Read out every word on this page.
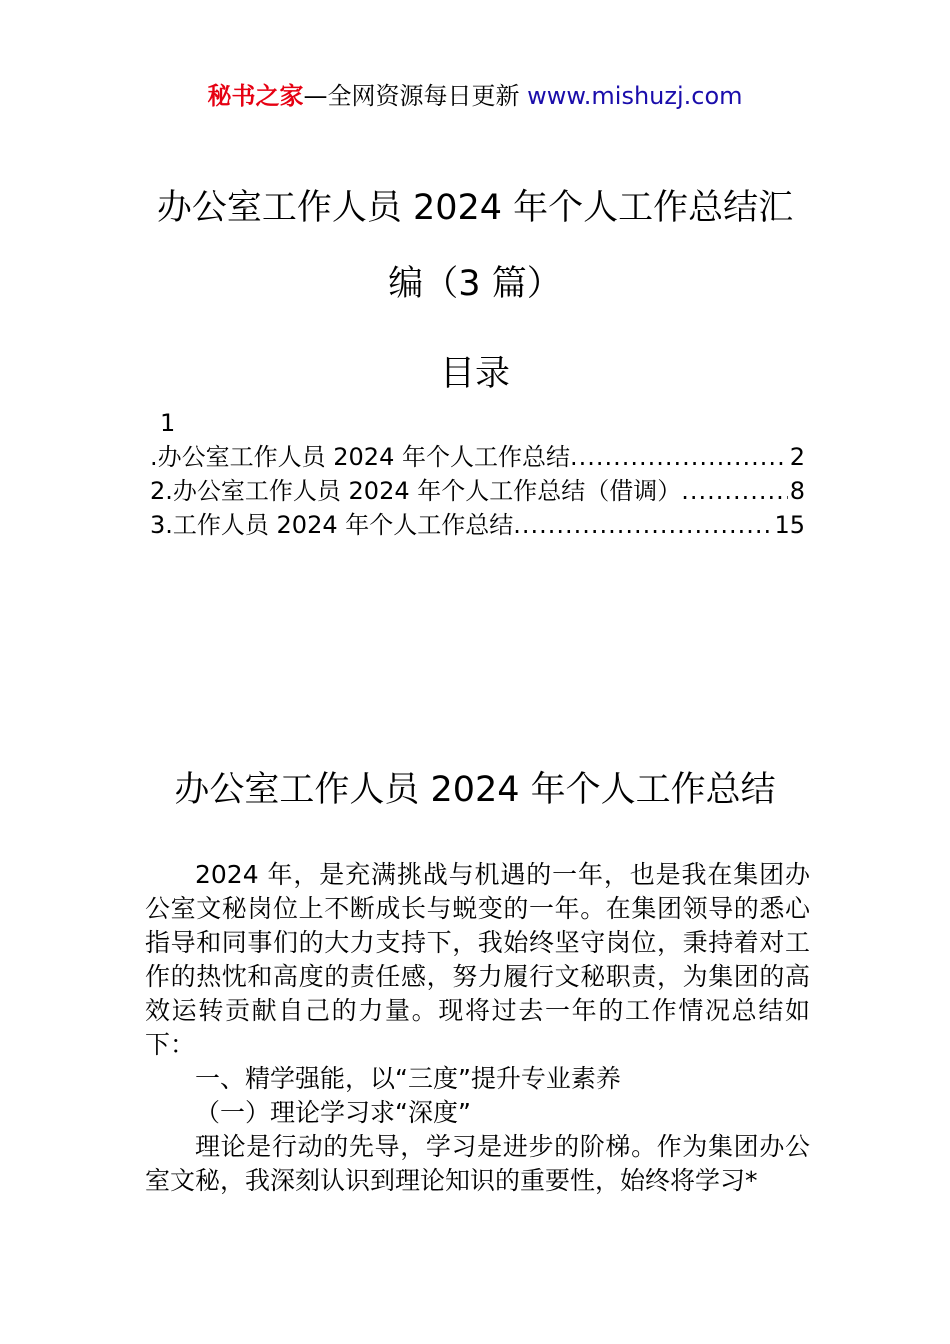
秘书之家—全网资源每日更新 www.mishuzj.com
办公室工作人员 2024 年个人工作总结汇
编（3 篇）
目录
1
.办公室工作人员 2024 年个人工作总结 .....	2
2.办公室工作人员 2024 年个人工作总结（借调） .....	8
3.工作人员 2024 年个人工作总结 .....	15
办公室工作人员 2024 年个人工作总结

2024 年，是充满挑战与机遇的一年，也是我在集团办公室文秘岗位上不断成长与蜕变的一年。在集团领导的悉心指导和同事们的大力支持下，我始终坚守岗位，秉持着对工作的热忱和高度的责任感，努力履行文秘职责，为集团的高效运转贡献自己的力量。现将过去一年的工作情况总结如下：

一、精学强能，以“三度”提升专业素养

（一）理论学习求“深度”

理论是行动的先导，学习是进步的阶梯。作为集团办公室文秘，我深刻认识到理论知识的重要性，始终将学习*
